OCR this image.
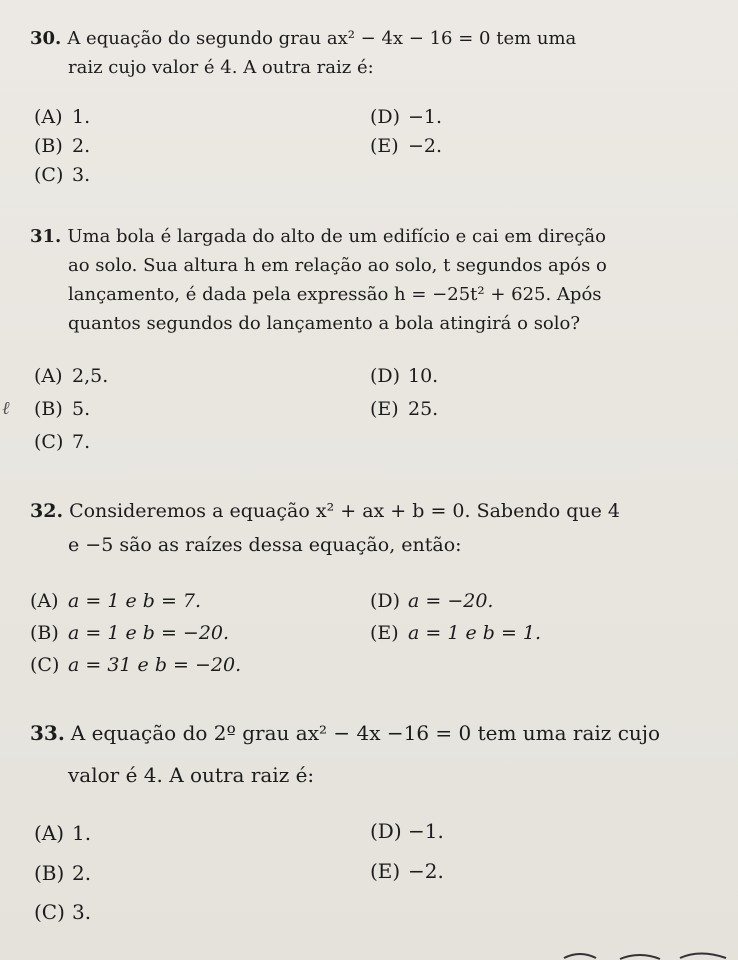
30. A equação do segundo grau ax² − 4x − 16 = 0 tem uma
raiz cujo valor é 4. A outra raiz é:
(A) 1.
(B) 2.
(C) 3.
(D) −1.
(E) −2.
31. Uma bola é largada do alto de um edifício e cai em direção
ao solo. Sua altura h em relação ao solo, t segundos após o
lançamento, é dada pela expressão h = −25t² + 625. Após
quantos segundos do lançamento a bola atingirá o solo?
ℓ
(A) 2,5.
(B) 5.
(C) 7.
(D) 10.
(E) 25.
32. Consideremos a equação x² + ax + b = 0. Sabendo que 4
e −5 são as raízes dessa equação, então:
(A) a = 1 e b = 7.
(B) a = 1 e b = −20.
(C) a = 31 e b = −20.
(D) a = −20.
(E) a = 1 e b = 1.
33. A equação do 2º grau ax² − 4x −16 = 0 tem uma raiz cujo
valor é 4. A outra raiz é:
(A) 1.
(B) 2.
(C) 3.
(D) −1.
(E) −2.
